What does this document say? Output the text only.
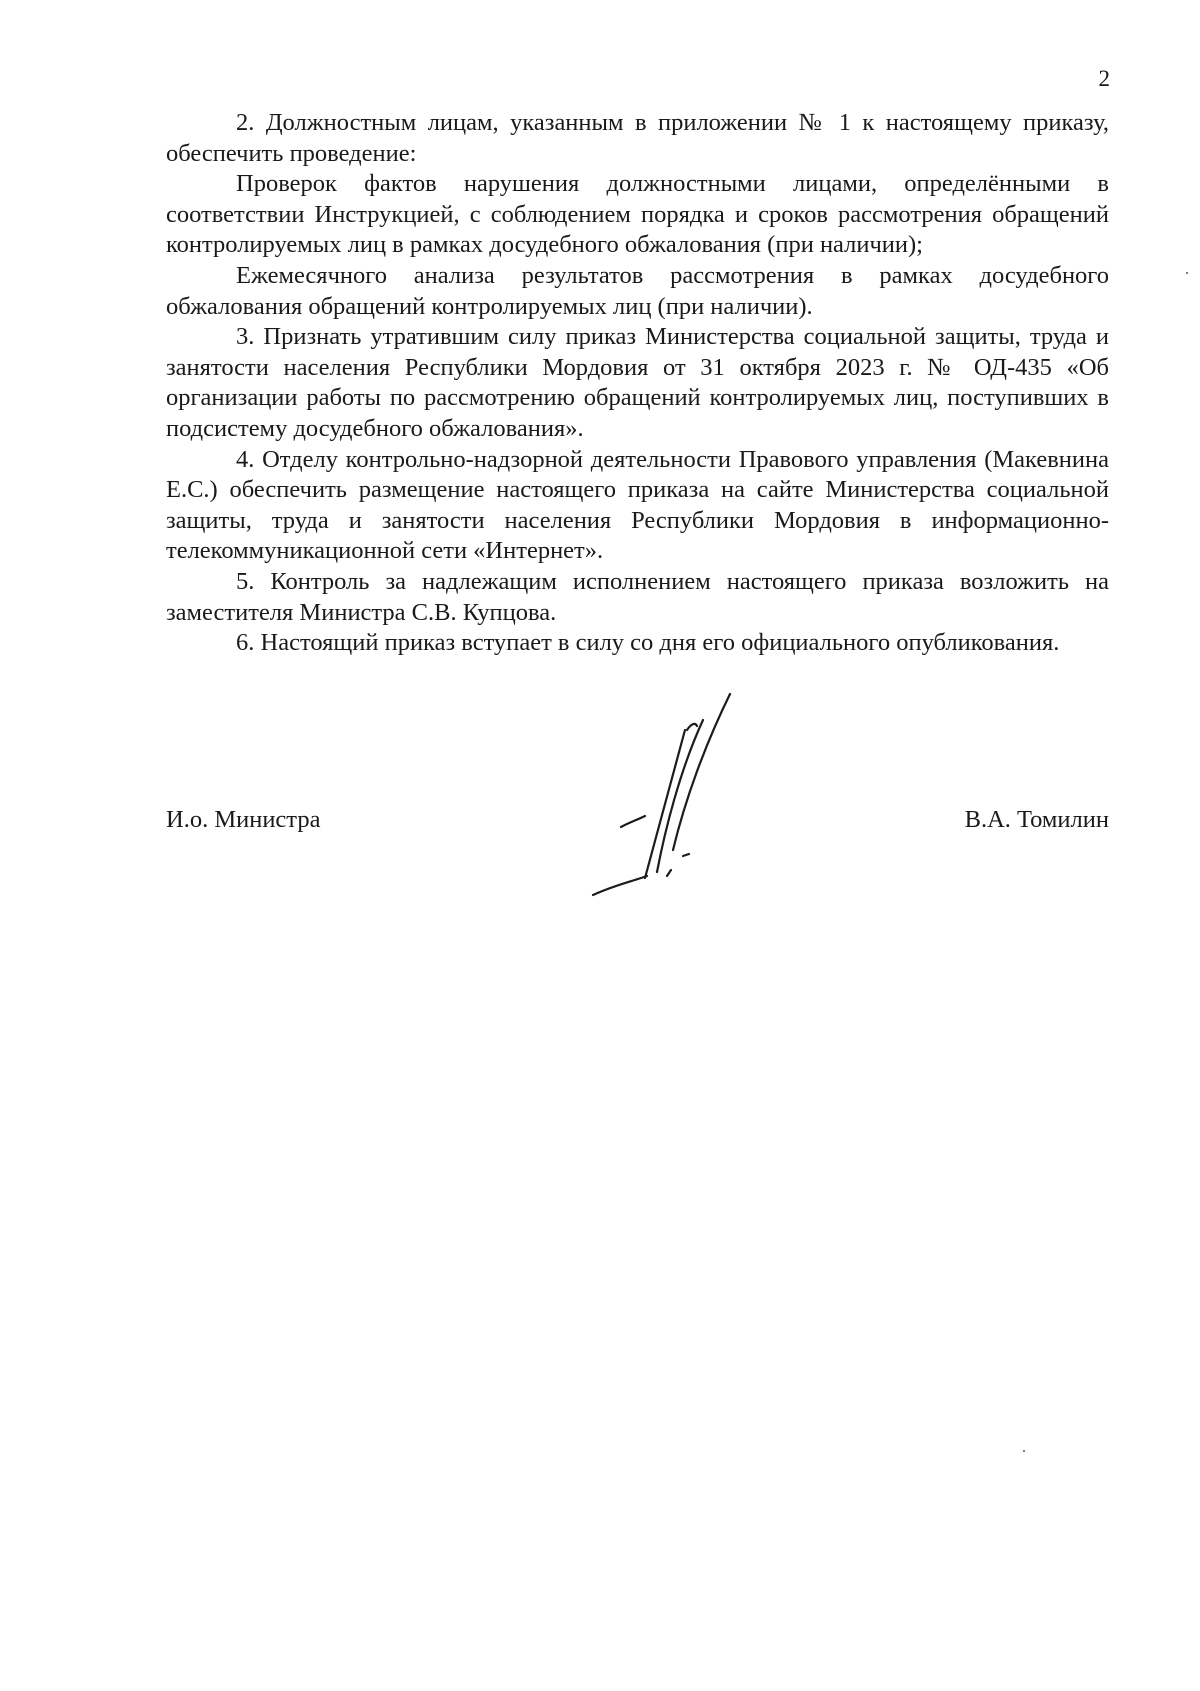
2

2. Должностным лицам, указанным в приложении № 1 к настоящему приказу, обеспечить проведение:

Проверок фактов нарушения должностными лицами, определёнными в соответствии Инструкцией, с соблюдением порядка и сроков рассмотрения обращений контролируемых лиц в рамках досудебного обжалования (при наличии);

Ежемесячного анализа результатов рассмотрения в рамках досудебного обжалования обращений контролируемых лиц (при наличии).

3. Признать утратившим силу приказ Министерства социальной защиты, труда и занятости населения Республики Мордовия от 31 октября 2023 г. № ОД-435 «Об организации работы по рассмотрению обращений контролируемых лиц, поступивших в подсистему досудебного обжалования».

4. Отделу контрольно-надзорной деятельности Правового управления (Макевнина Е.С.) обеспечить размещение настоящего приказа на сайте Министерства социальной защиты, труда и занятости населения Республики Мордовия в информационно-телекоммуникационной сети «Интернет».

5. Контроль за надлежащим исполнением настоящего приказа возложить на заместителя Министра С.В. Купцова.

6. Настоящий приказ вступает в силу со дня его официального опубликования.

И.о. Министра	В.А. Томилин
